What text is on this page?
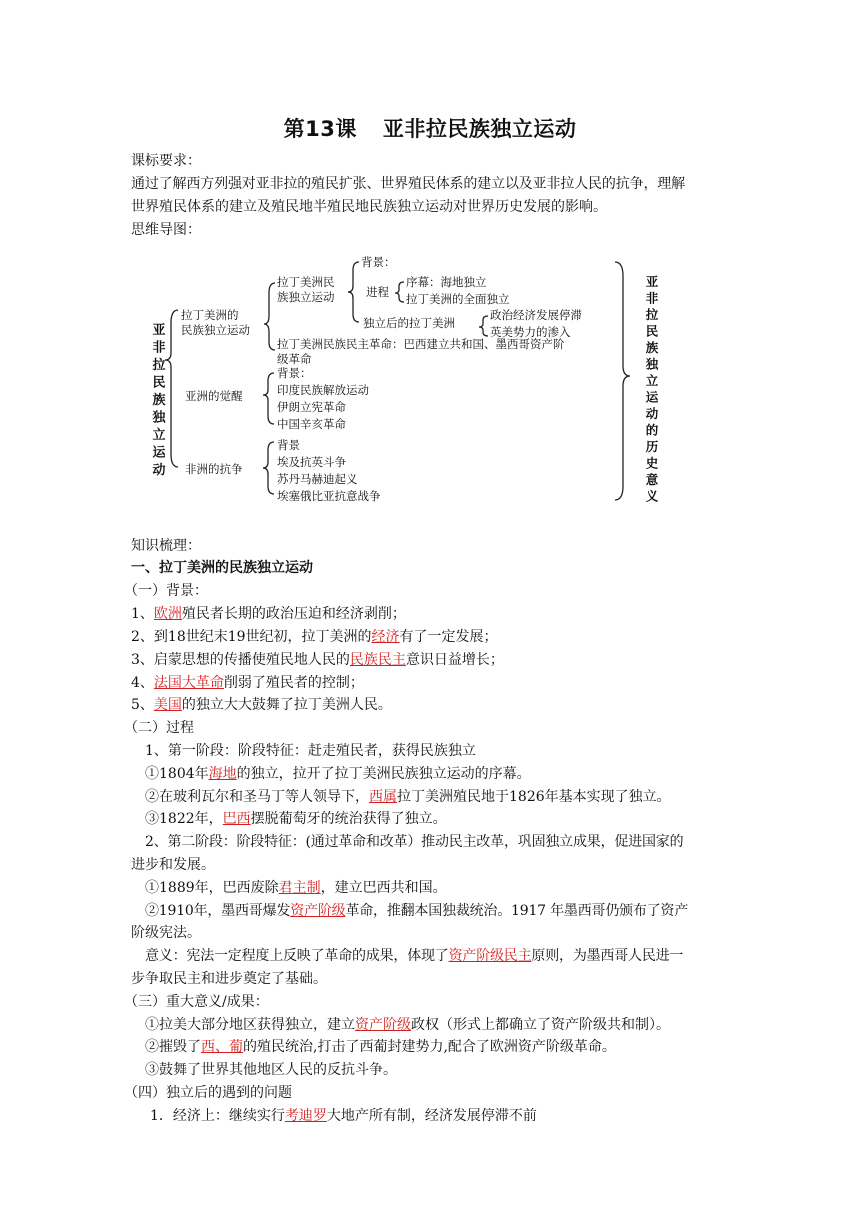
第13课 亚非拉民族独立运动
课标要求：
通过了解西方列强对亚非拉的殖民扩张、世界殖民体系的建立以及亚非拉人民的抗争，理解
世界殖民体系的建立及殖民地半殖民地民族独立运动对世界历史发展的影响。
思维导图：
亚
非
拉
民
族
独
立
运
动
亚
非
拉
民
族
独
立
运
动
的
历
史
意
义
拉丁美洲的
民族独立运动
拉丁美洲民
族独立运动
背景：
进程
序幕：海地独立
拉丁美洲的全面独立
独立后的拉丁美洲
政治经济发展停滞
英美势力的渗入
拉丁美洲民族民主革命：巴西建立共和国、墨西哥资产阶
级革命
亚洲的觉醒
背景：
印度民族解放运动
伊朗立宪革命
中国辛亥革命
非洲的抗争
背景
埃及抗英斗争
苏丹马赫迪起义
埃塞俄比亚抗意战争
知识梳理：
一、拉丁美洲的民族独立运动
（一）背景：
1、欧洲殖民者长期的政治压迫和经济剥削；
2、到18世纪末19世纪初，拉丁美洲的经济有了一定发展；
3、启蒙思想的传播使殖民地人民的民族民主意识日益增长；
4、法国大革命削弱了殖民者的控制；
5、美国的独立大大鼓舞了拉丁美洲人民。
（二）过程
1、第一阶段：阶段特征：赶走殖民者，获得民族独立
①1804年海地的独立，拉开了拉丁美洲民族独立运动的序幕。
②在玻利瓦尔和圣马丁等人领导下，西属拉丁美洲殖民地于1826年基本实现了独立。
③1822年，巴西摆脱葡萄牙的统治获得了独立。
2、第二阶段：阶段特征：(通过革命和改革）推动民主改革，巩固独立成果，促进国家的
进步和发展。
①1889年，巴西废除君主制，建立巴西共和国。
②1910年，墨西哥爆发资产阶级革命，推翻本国独裁统治。1917 年墨西哥仍颁布了资产
阶级宪法。
意义：宪法一定程度上反映了革命的成果，体现了资产阶级民主原则，为墨西哥人民进一
步争取民主和进步奠定了基础。
（三）重大意义/成果：
①拉美大部分地区获得独立，建立资产阶级政权（形式上都确立了资产阶级共和制）。
②摧毁了西、葡的殖民统治,打击了西葡封建势力,配合了欧洲资产阶级革命。
③鼓舞了世界其他地区人民的反抗斗争。
（四）独立后的遇到的问题
1．经济上：继续实行考迪罗大地产所有制，经济发展停滞不前
